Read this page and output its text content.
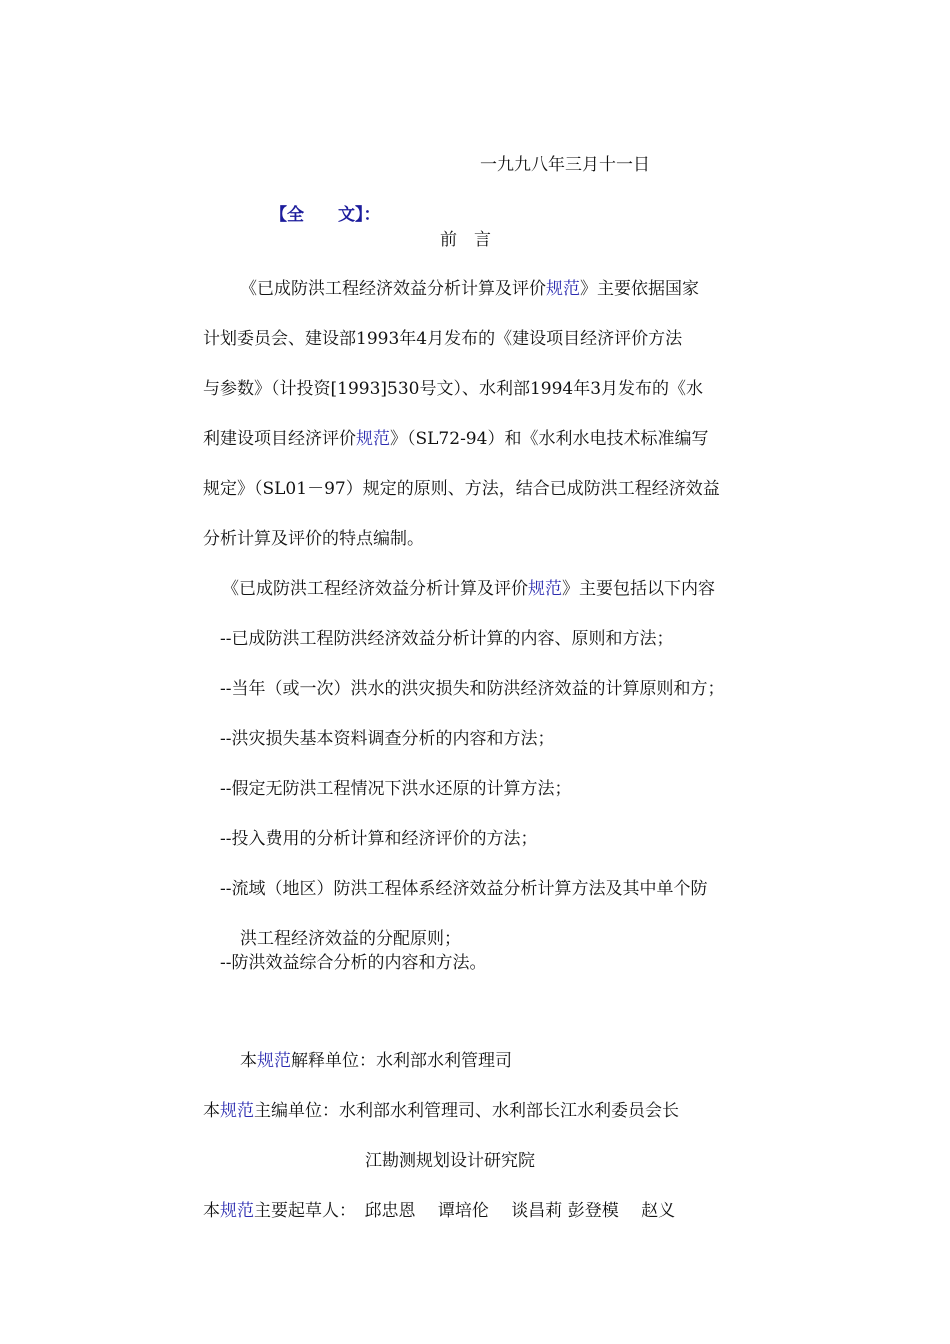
一九九八年三月十一日
【全　　文】：
前　言
《已成防洪工程经济效益分析计算及评价规范》主要依据国家
计划委员会、建设部1993年4月发布的《建设项目经济评价方法
与参数》（计投资[1993]530号文）、水利部1994年3月发布的《水
利建设项目经济评价规范》（SL72-94）和《水利水电技术标准编写
规定》（SL01－97）规定的原则、方法，结合已成防洪工程经济效益
分析计算及评价的特点编制。
《已成防洪工程经济效益分析计算及评价规范》主要包括以下内容
--已成防洪工程防洪经济效益分析计算的内容、原则和方法；
--当年（或一次）洪水的洪灾损失和防洪经济效益的计算原则和方；
--洪灾损失基本资料调查分析的内容和方法；
--假定无防洪工程情况下洪水还原的计算方法；
--投入费用的分析计算和经济评价的方法；
--流域（地区）防洪工程体系经济效益分析计算方法及其中单个防
洪工程经济效益的分配原则；
--防洪效益综合分析的内容和方法。
本规范解释单位：水利部水利管理司
本规范主编单位：水利部水利管理司、水利部长江水利委员会长
江勘测规划设计研究院
本规范主要起草人：　邱忠恩　 谭培伦　 谈昌莉 彭登模　 赵义
